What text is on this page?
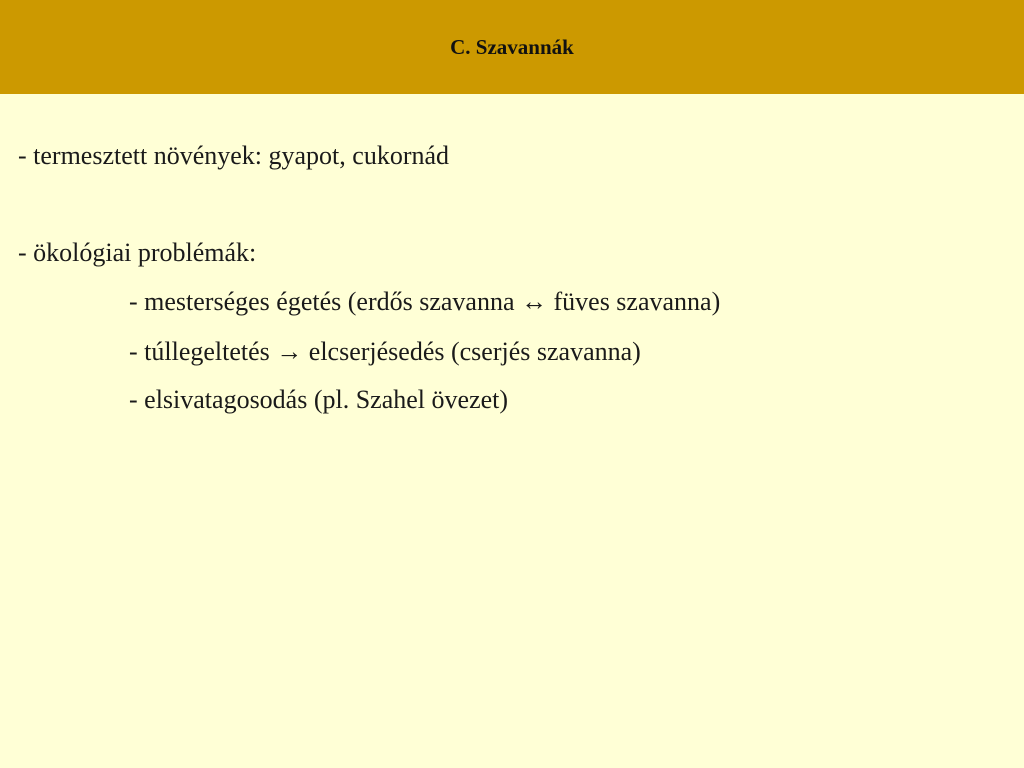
C. Szavannák
- termesztett növények: gyapot, cukornád
- ökológiai problémák:
- mesterséges égetés (erdős szavanna ↔ füves szavanna)
- túllegeltetés → elcserjésedés (cserjés szavanna)
- elsivatagosodás (pl. Szahel övezet)
